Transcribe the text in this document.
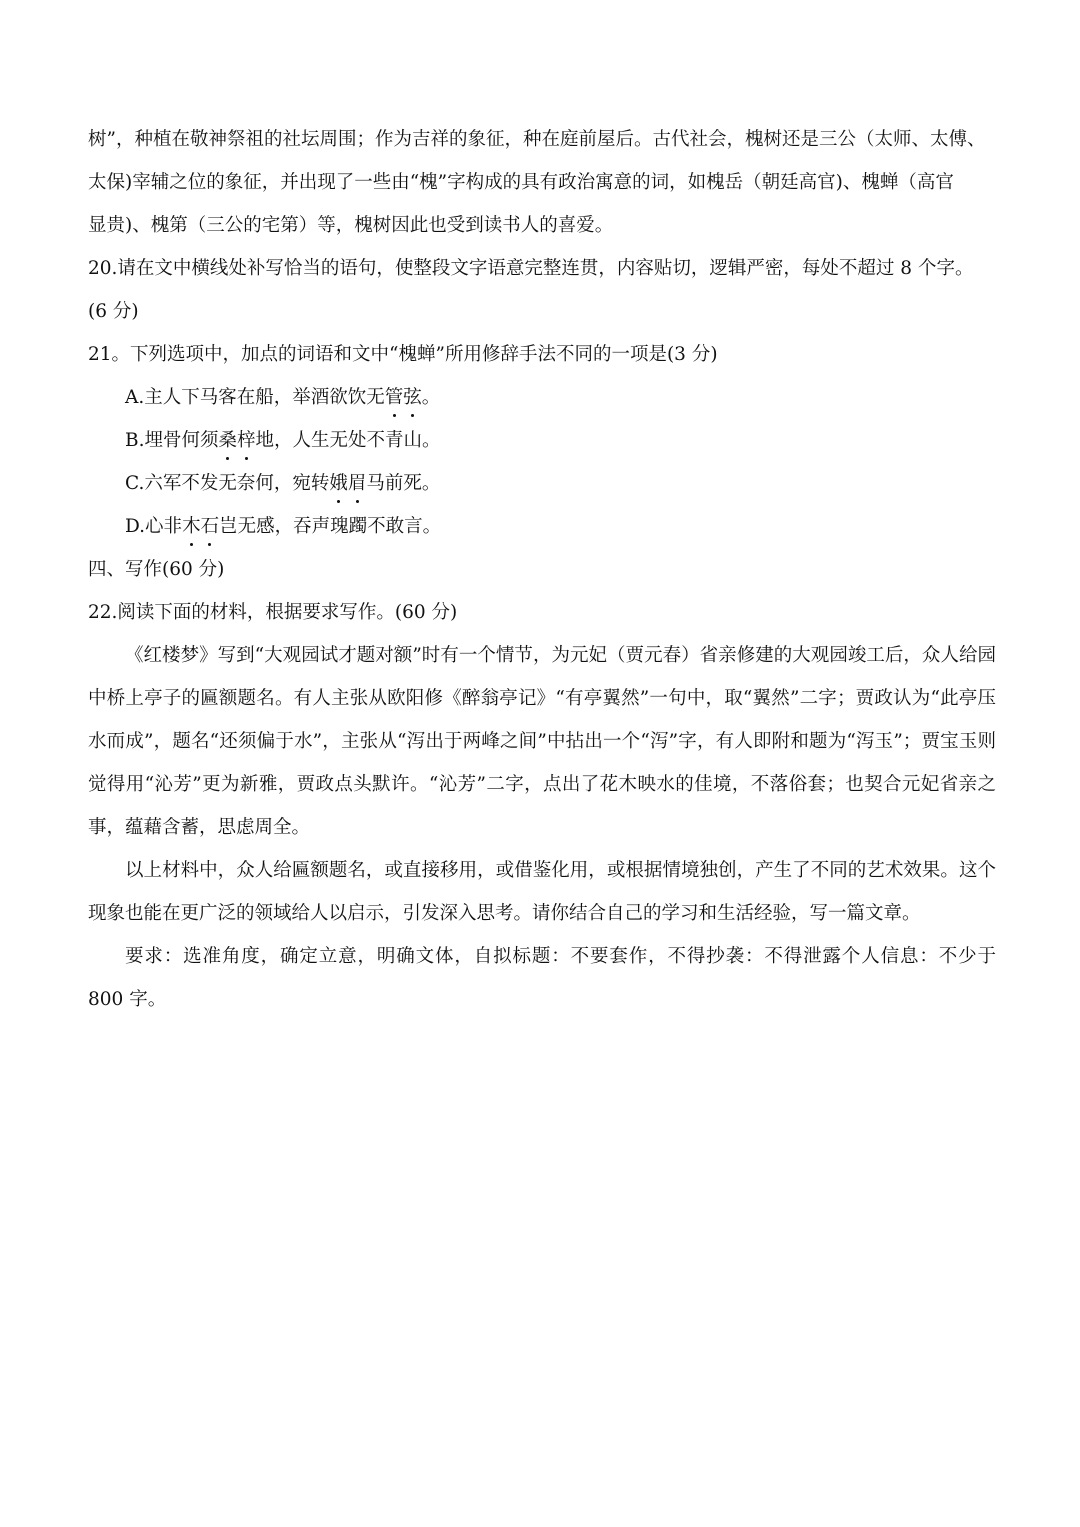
树”，种植在敬神祭祖的社坛周围；作为吉祥的象征，种在庭前屋后。古代社会，槐树还是三公（太师、太傅、

太保)宰辅之位的象征，并出现了一些由“槐”字构成的具有政治寓意的词，如槐岳（朝廷高官)、槐蝉（高官

显贵)、槐第（三公的宅第）等，槐树因此也受到读书人的喜爱。

20.请在文中横线处补写恰当的语句，使整段文字语意完整连贯，内容贴切，逻辑严密，每处不超过 8 个字。

(6 分)

21。下列选项中，加点的词语和文中“槐蝉”所用修辞手法不同的一项是(3 分)

A.主人下马客在船，举酒欲饮无管弦。

B.埋骨何须桑梓地，人生无处不青山。

C.六军不发无奈何，宛转娥眉马前死。

D.心非木石岂无感，吞声瑰躅不敢言。

四、写作(60 分)

22.阅读下面的材料，根据要求写作。(60 分)

《红楼梦》写到“大观园试才题对额”时有一个情节，为元妃（贾元春）省亲修建的大观园竣工后，众人给园中桥上亭子的匾额题名。有人主张从欧阳修《醉翁亭记》“有亭翼然”一句中，取“翼然”二字；贾政认为“此亭压水而成”，题名“还须偏于水”，主张从“泻出于两峰之间”中拈出一个“泻”字，有人即附和题为“泻玉”；贾宝玉则觉得用“沁芳”更为新雅，贾政点头默许。“沁芳”二字，点出了花木映水的佳境，不落俗套；也契合元妃省亲之事，蕴藉含蓄，思虑周全。

以上材料中，众人给匾额题名，或直接移用，或借鉴化用，或根据情境独创，产生了不同的艺术效果。这个现象也能在更广泛的领域给人以启示，引发深入思考。请你结合自己的学习和生活经验，写一篇文章。

要求：选准角度，确定立意，明确文体，自拟标题：不要套作，不得抄袭：不得泄露个人信息：不少于 800 字。
